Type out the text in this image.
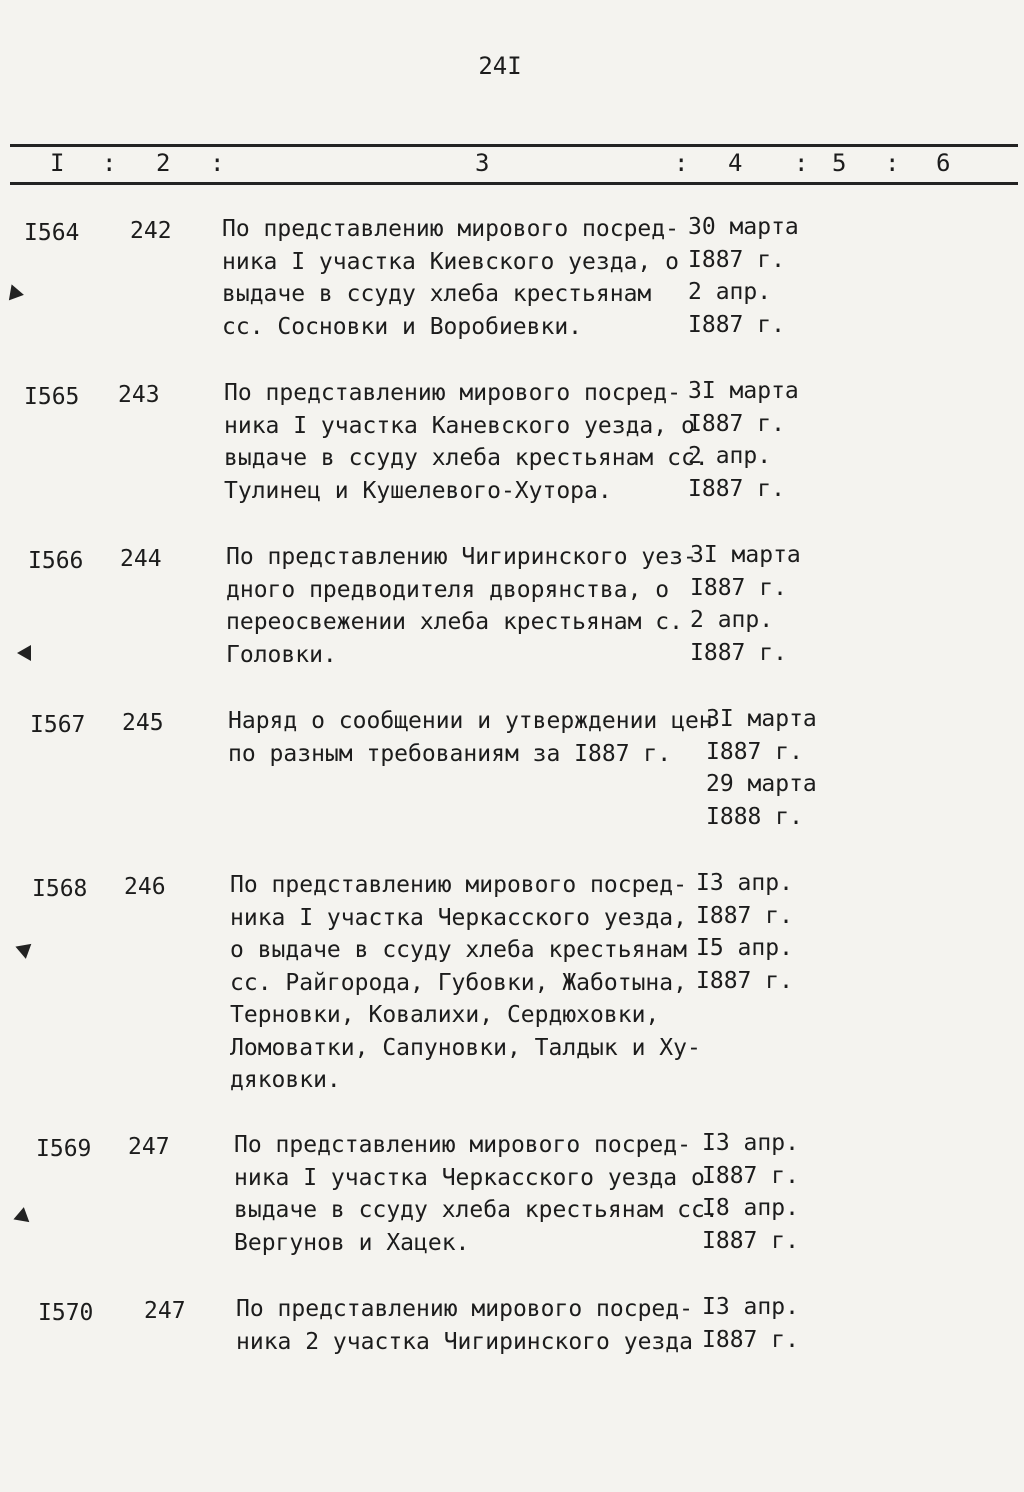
24I
I : 2 :	3	: 4 : 5 : 6
I564 242 По представлению мирового посред-
ника I участка Киевского уезда, о
выдаче в ссуду хлеба крестьянам
сс. Сосновки и Воробиевки.
30 марта
I887 г.
2 апр.
I887 г.
I565 243	По представлению мирового посред-
ника I участка Каневского уезда, о
выдаче в ссуду хлеба крестьянам сс.
Тулинец и Кушелевого-Хутора.
3I марта
I887 г.
2 апр.
I887 г.
I566 244	По представлению Чигиринского уез-
дного предводителя дворянства, о
переосвежении хлеба крестьянам с.
Головки.
3I марта
I887 г.
2 апр.
I887 г.
I567 245	Наряд о сообщении и утверждении цен
по разным требованиям за I887 г.
3I марта
I887 г.
29 марта
I888 г.
I568 246	По представлению мирового посред-
ника I участка Черкасского уезда,
о выдаче в ссуду хлеба крестьянам
сс. Райгорода, Губовки, Жаботына,
Терновки, Ковалихи, Сердюховки,
Ломоватки, Сапуновки, Талдык и Ху-
дяковки.
I3 апр.
I887 г.
I5 апр.
I887 г.
I569 247	По представлению мирового посред-
ника I участка Черкасского уезда о
выдаче в ссуду хлеба крестьянам сс.
Вергунов и Хацек.
I3 апр.
I887 г.
I8 апр.
I887 г.
I570 247 По представлению мирового посред-
ника 2 участка Чигиринского уезда
I3 апр.
I887 г.
